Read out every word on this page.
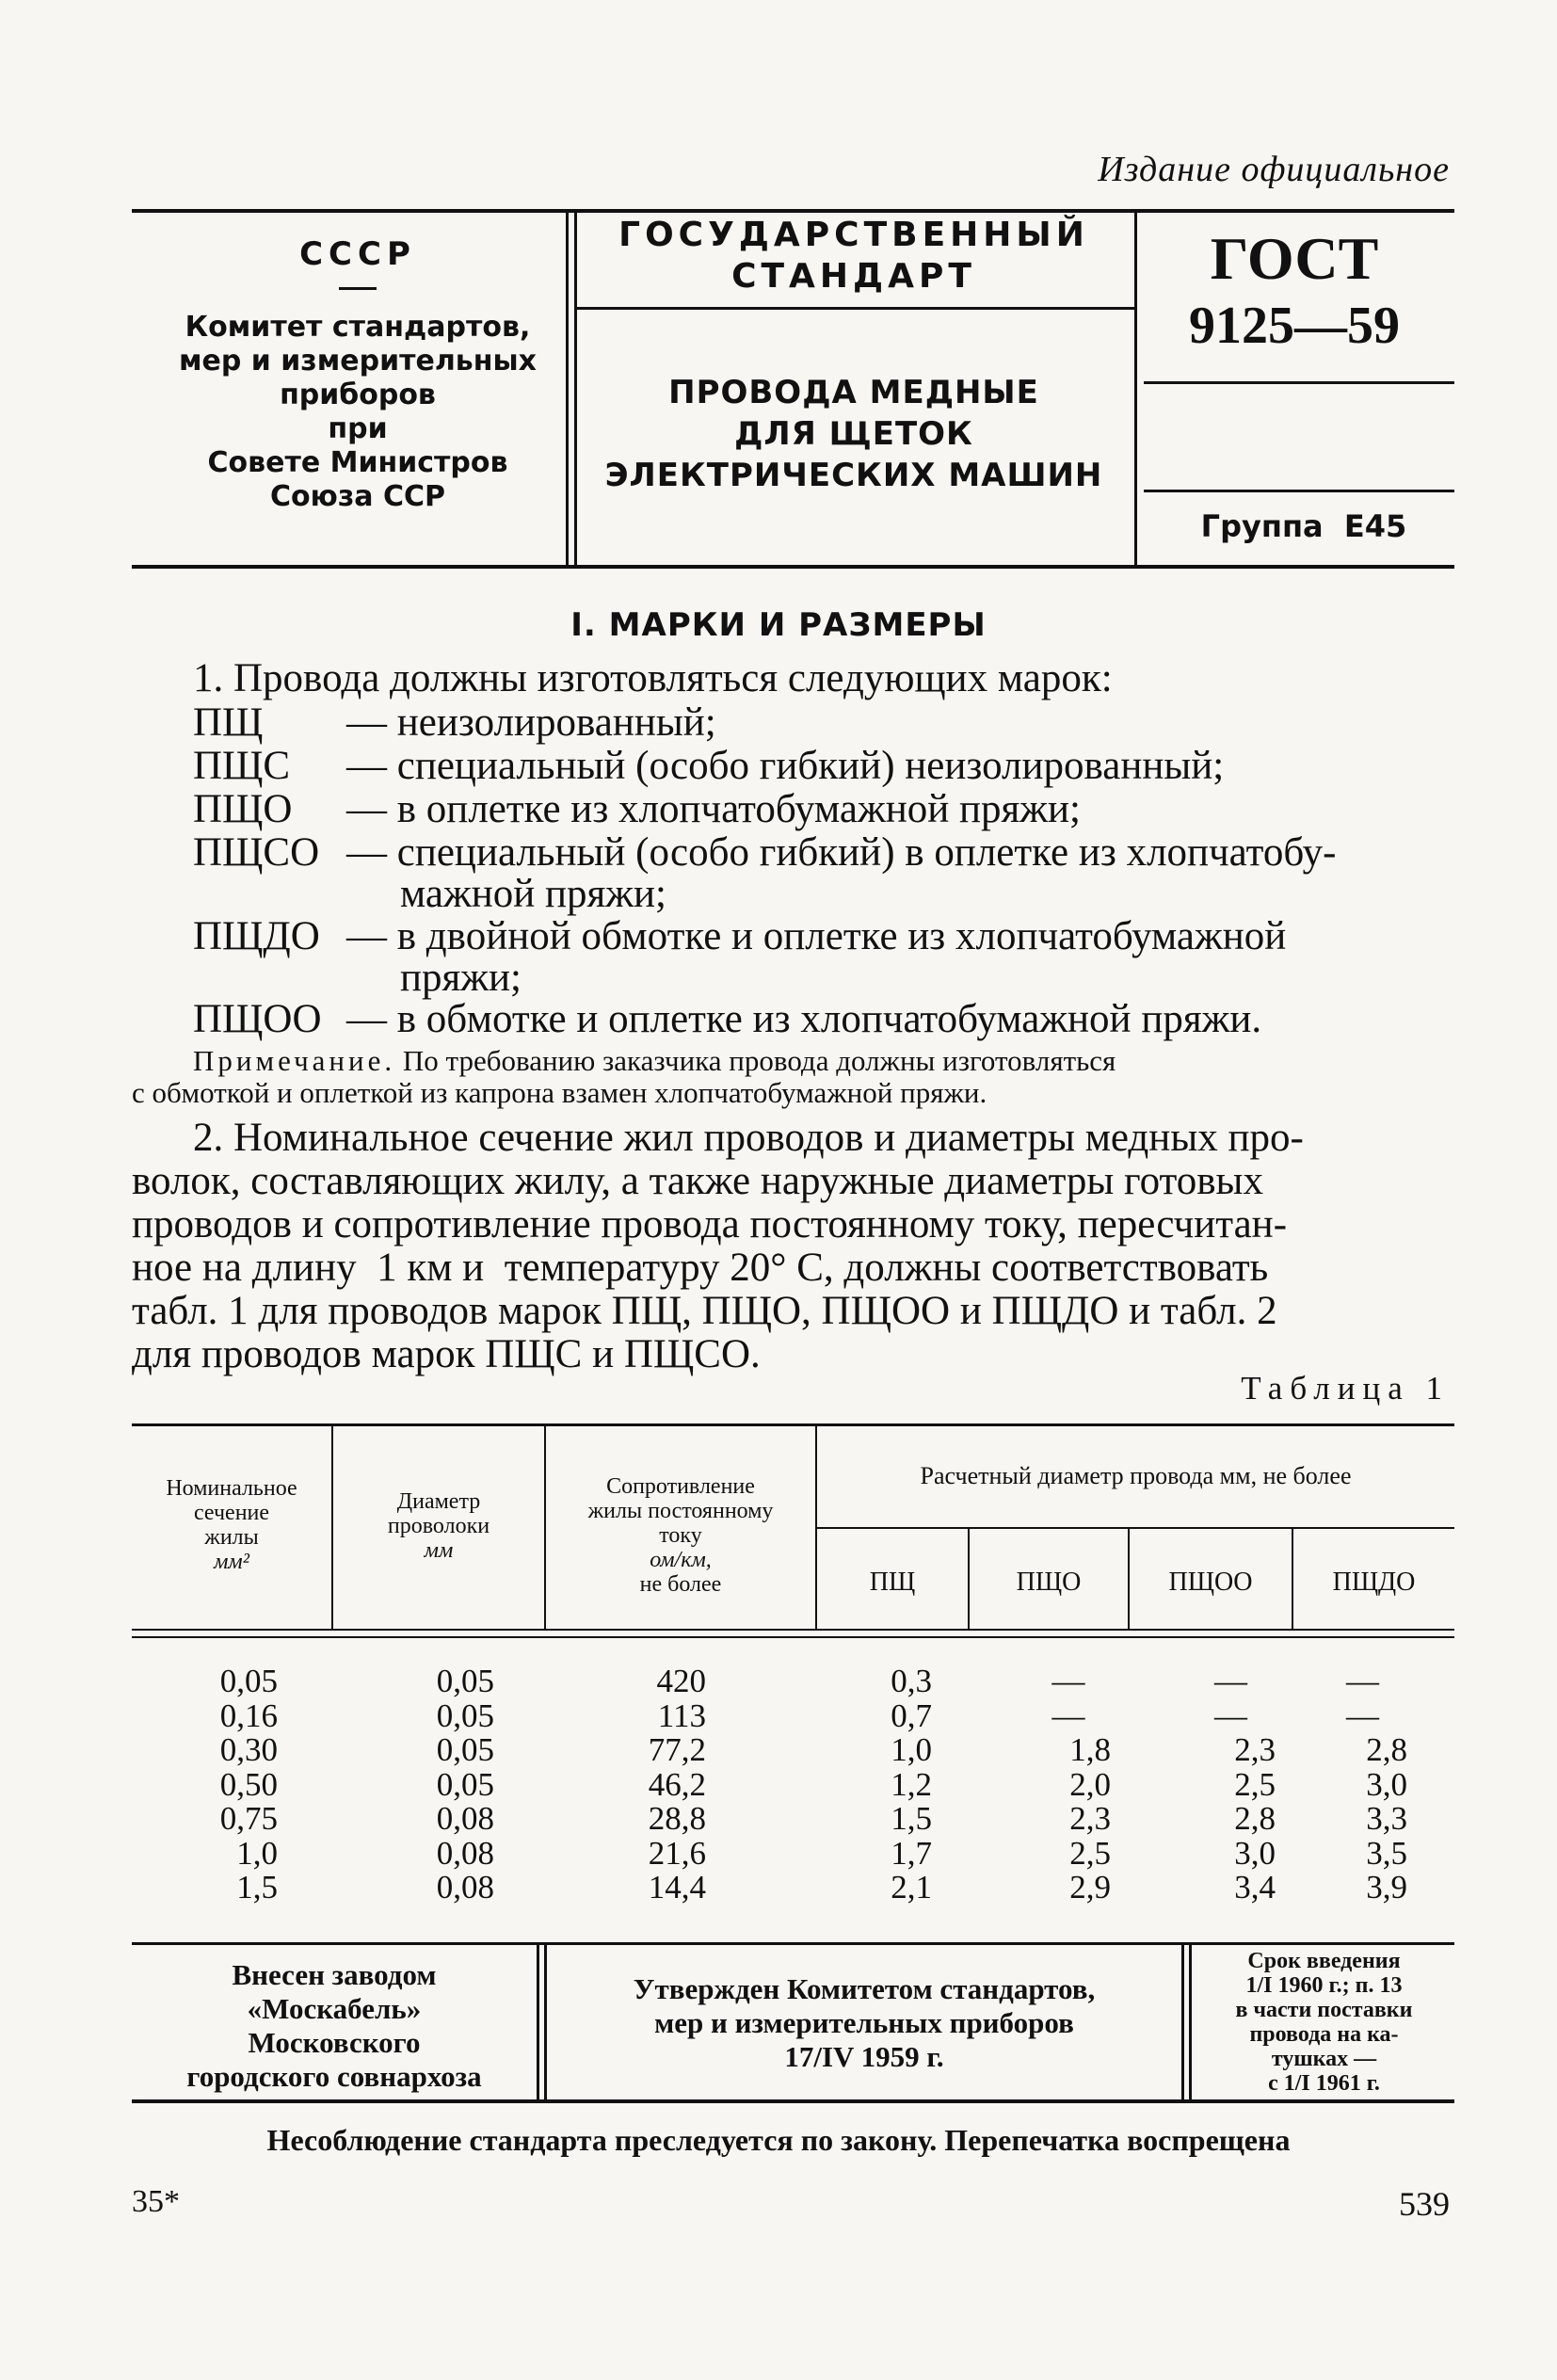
Издание официальное
СССР
Комитет стандартов,
мер и измерительных
приборов
при
Совете Министров
Союза ССР
ГОСУДАРСТВЕННЫЙ
СТАНДАРТ
ПРОВОДА МЕДНЫЕ
ДЛЯ ЩЕТОК
ЭЛЕКТРИЧЕСКИХ МАШИН
ГОСТ
9125—59
Группа  Е45
I. МАРКИ И РАЗМЕРЫ
1. Провода должны изготовляться следующих марок:
ПЩ — неизолированный;
ПЩС — специальный (особо гибкий) неизолированный;
ПЩО — в оплетке из хлопчатобумажной пряжи;
ПЩСО — специальный (особо гибкий) в оплетке из хлопчатобу-
мажной пряжи;
ПЩДО — в двойной обмотке и оплетке из хлопчатобумажной
пряжи;
ПЩОО — в обмотке и оплетке из хлопчатобумажной пряжи.
Примечание. По требованию заказчика провода должны изготовляться
с обмоткой и оплеткой из капрона взамен хлопчатобумажной пряжи.
2. Номинальное сечение жил проводов и диаметры медных про-
волок, составляющих жилу, а также наружные диаметры готовых
проводов и сопротивление провода постоянному току, пересчитан-
ное на длину  1 км и  температуру 20° С, должны соответствовать
табл. 1 для проводов марок ПЩ, ПЩО, ПЩОО и ПЩДО и табл. 2
для проводов марок ПЩС и ПЩСО.
Таблица 1
Номинальное
сечение
жилы
мм²
Диаметр
проволоки
мм
Сопротивление
жилы постоянному
току
ом/км,
не более
Расчетный диаметр провода мм, не более
ПЩ	ПЩО	ПЩОО	ПЩДО
0,05	0,05	420	0,3	—	—	—
0,16	0,05	113	0,7	—	—	—
0,30	0,05	77,2	1,0	1,8	2,3	2,8
0,50	0,05	46,2	1,2	2,0	2,5	3,0
0,75	0,08	28,8	1,5	2,3	2,8	3,3
1,0	0,08	21,6	1,7	2,5	3,0	3,5
1,5	0,08	14,4	2,1	2,9	3,4	3,9
Внесен заводом
«Москабель»
Московского
городского совнархоза
Утвержден Комитетом стандартов,
мер и измерительных приборов
17/IV 1959 г.
Срок введения
1/I 1960 г.; п. 13
в части поставки
провода на ка-
тушках —
с 1/I 1961 г.
Несоблюдение стандарта преследуется по закону. Перепечатка воспрещена
35*	539
